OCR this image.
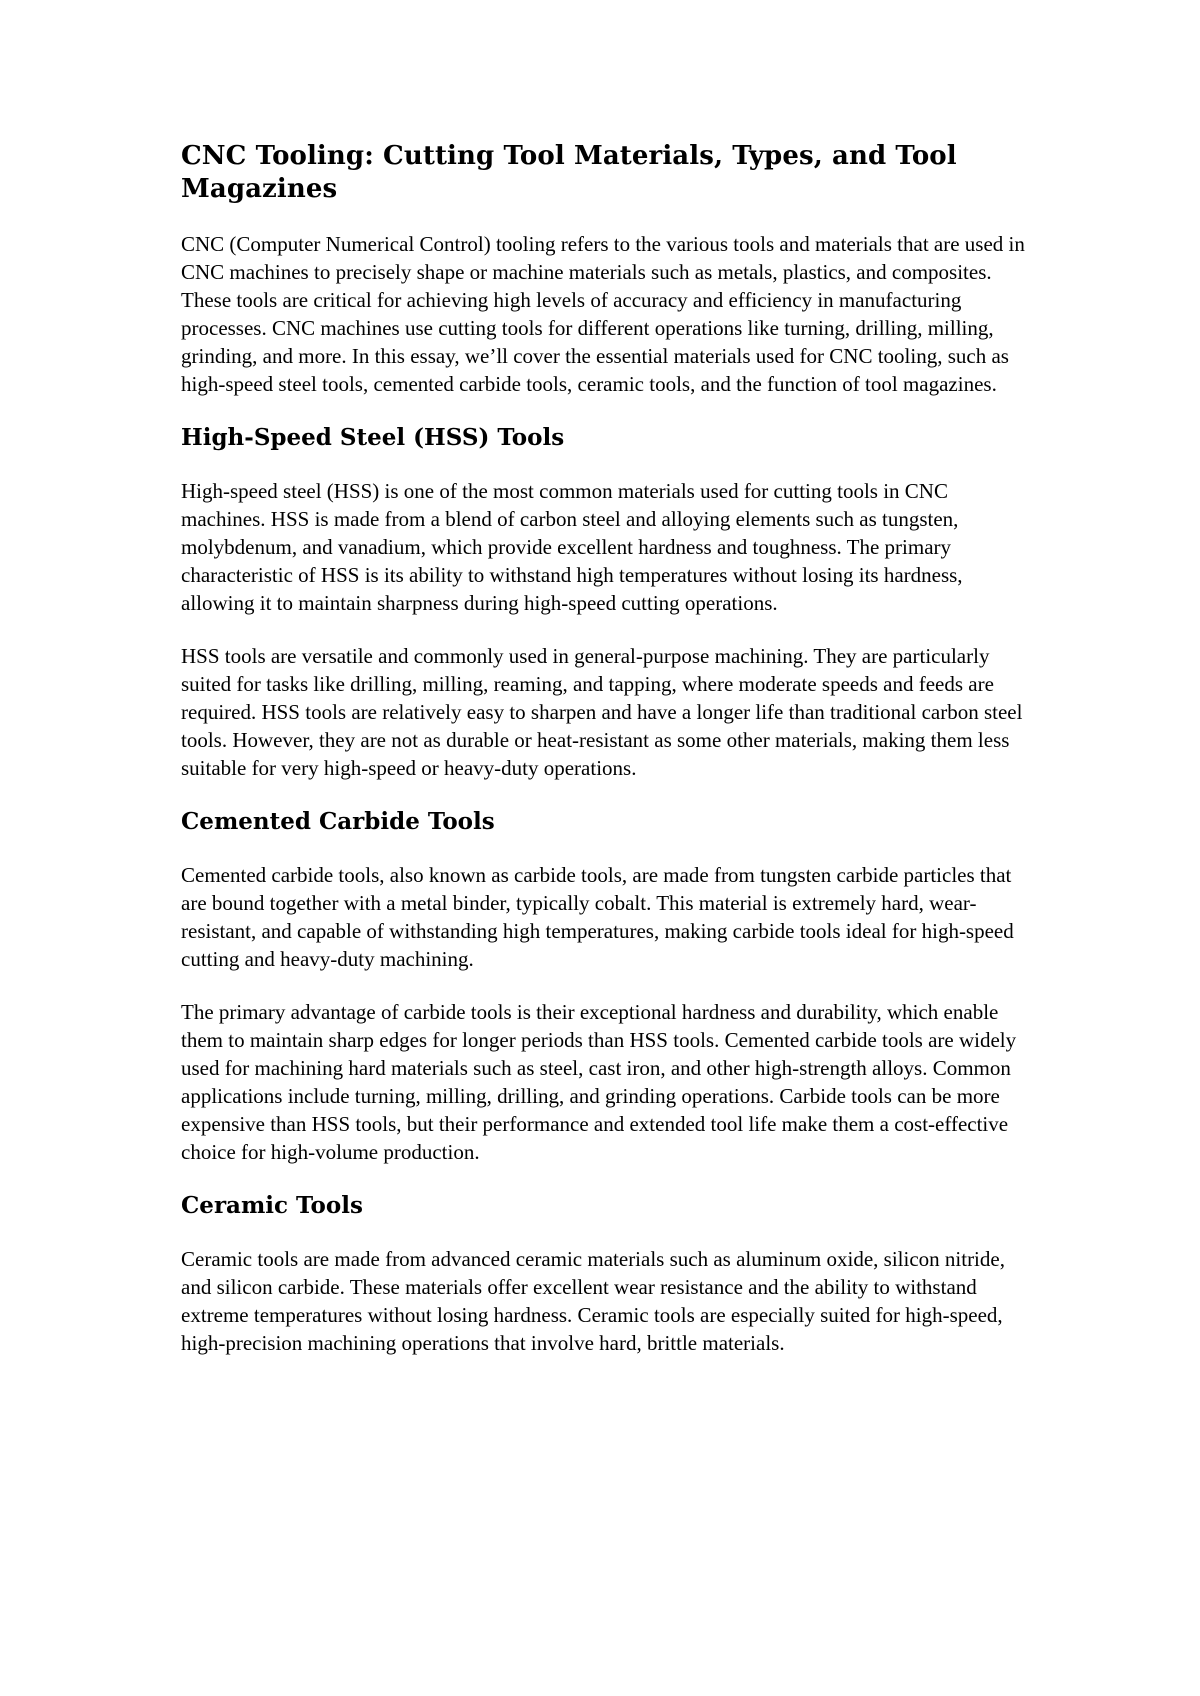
CNC Tooling: Cutting Tool Materials, Types, and Tool Magazines

CNC (Computer Numerical Control) tooling refers to the various tools and materials that are used in CNC machines to precisely shape or machine materials such as metals, plastics, and composites. These tools are critical for achieving high levels of accuracy and efficiency in manufacturing processes. CNC machines use cutting tools for different operations like turning, drilling, milling, grinding, and more. In this essay, we’ll cover the essential materials used for CNC tooling, such as high-speed steel tools, cemented carbide tools, ceramic tools, and the function of tool magazines.

High-Speed Steel (HSS) Tools

High-speed steel (HSS) is one of the most common materials used for cutting tools in CNC machines. HSS is made from a blend of carbon steel and alloying elements such as tungsten, molybdenum, and vanadium, which provide excellent hardness and toughness. The primary characteristic of HSS is its ability to withstand high temperatures without losing its hardness, allowing it to maintain sharpness during high-speed cutting operations.

HSS tools are versatile and commonly used in general-purpose machining. They are particularly suited for tasks like drilling, milling, reaming, and tapping, where moderate speeds and feeds are required. HSS tools are relatively easy to sharpen and have a longer life than traditional carbon steel tools. However, they are not as durable or heat-resistant as some other materials, making them less suitable for very high-speed or heavy-duty operations.

Cemented Carbide Tools

Cemented carbide tools, also known as carbide tools, are made from tungsten carbide particles that are bound together with a metal binder, typically cobalt. This material is extremely hard, wear-resistant, and capable of withstanding high temperatures, making carbide tools ideal for high-speed cutting and heavy-duty machining.

The primary advantage of carbide tools is their exceptional hardness and durability, which enable them to maintain sharp edges for longer periods than HSS tools. Cemented carbide tools are widely used for machining hard materials such as steel, cast iron, and other high-strength alloys. Common applications include turning, milling, drilling, and grinding operations. Carbide tools can be more expensive than HSS tools, but their performance and extended tool life make them a cost-effective choice for high-volume production.

Ceramic Tools

Ceramic tools are made from advanced ceramic materials such as aluminum oxide, silicon nitride, and silicon carbide. These materials offer excellent wear resistance and the ability to withstand extreme temperatures without losing hardness. Ceramic tools are especially suited for high-speed, high-precision machining operations that involve hard, brittle materials.
